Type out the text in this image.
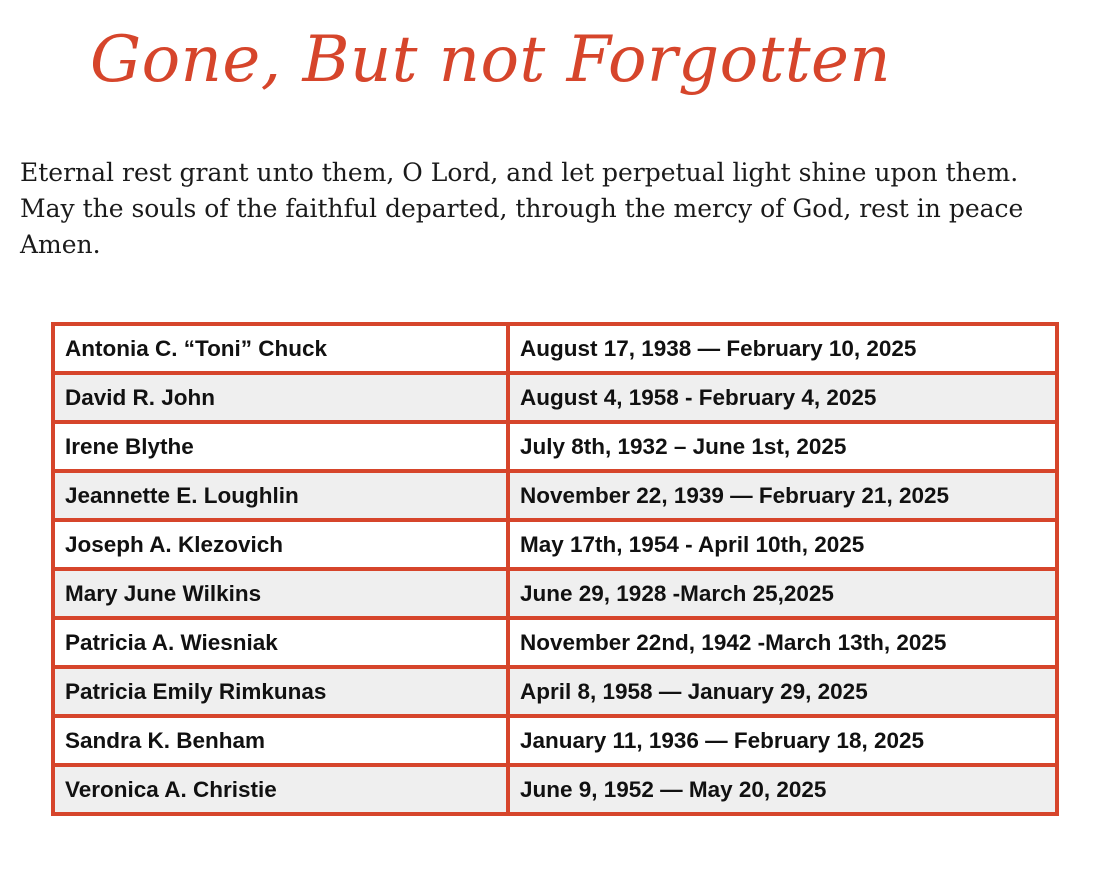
Gone, But not Forgotten

Eternal rest grant unto them, O Lord, and let perpetual light shine upon them. May the souls of the faithful departed, through the mercy of God, rest in peace Amen.

Antonia C. “Toni” Chuck	August 17, 1938 — February 10, 2025
David R. John	August 4, 1958 - February 4, 2025
Irene Blythe	July 8th, 1932 – June 1st, 2025
Jeannette E. Loughlin	November 22, 1939 — February 21, 2025
Joseph A. Klezovich	May 17th, 1954 - April 10th, 2025
Mary June Wilkins	June 29, 1928 -March 25,2025
Patricia A. Wiesniak	November 22nd, 1942 -March 13th, 2025
Patricia Emily Rimkunas	April 8, 1958 — January 29, 2025
Sandra K. Benham	January 11, 1936 — February 18, 2025
Veronica A. Christie	June 9, 1952 — May 20, 2025
